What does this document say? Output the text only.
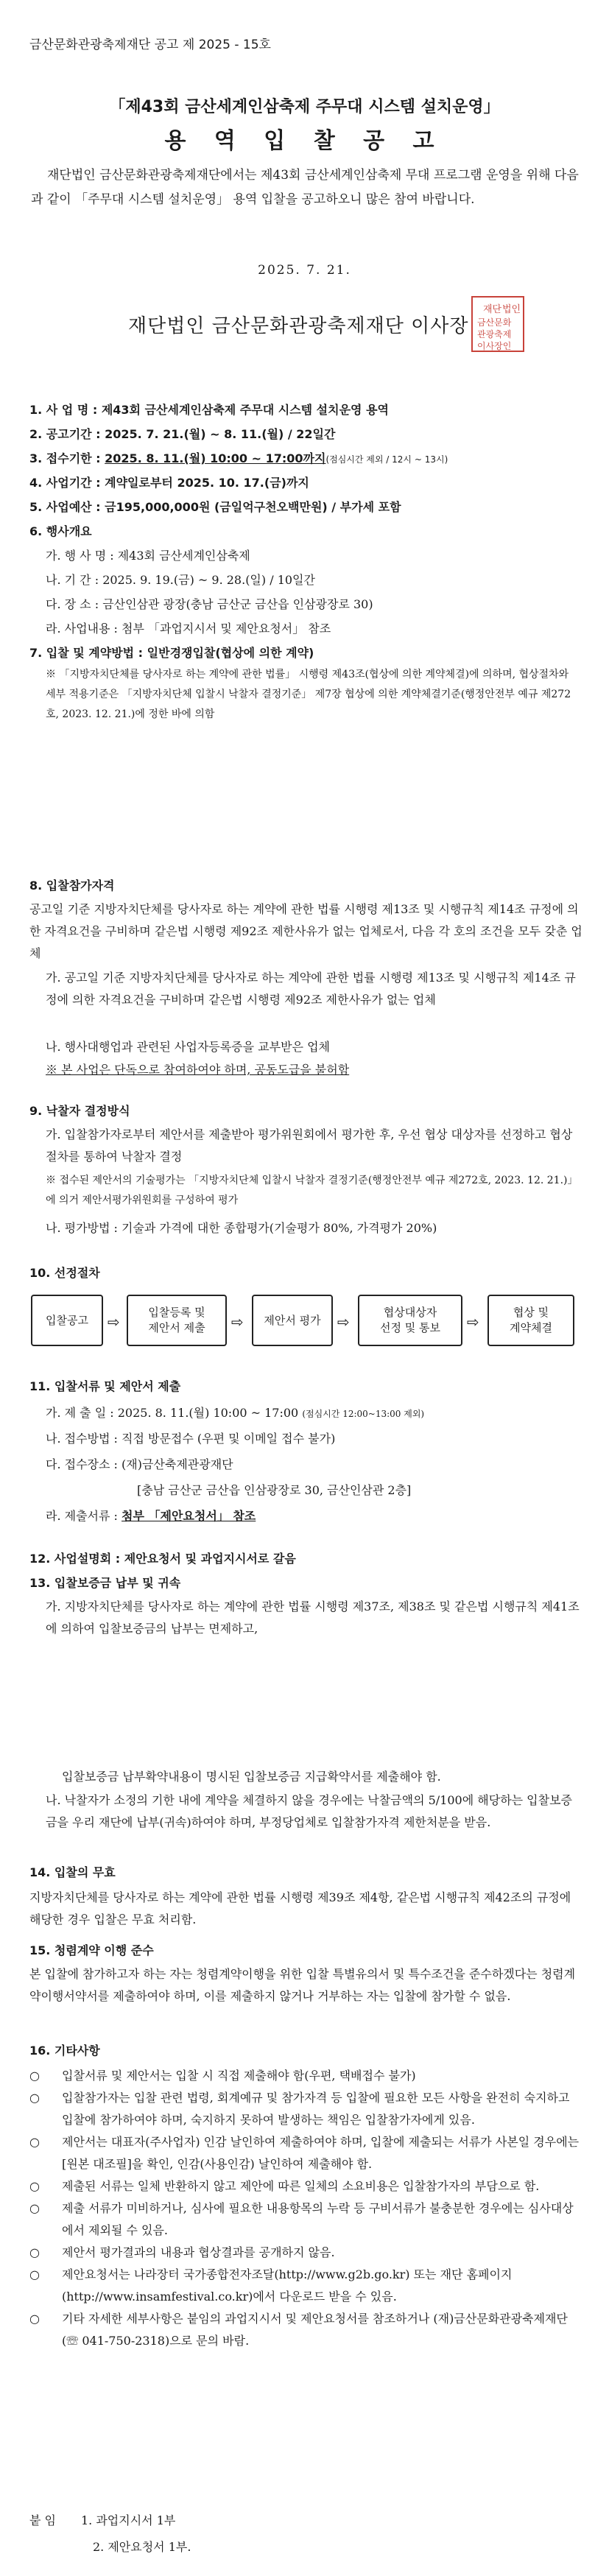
금산문화관광축제재단 공고 제 2025 - 15호
「제43회 금산세계인삼축제 주무대 시스템 설치운영」
용 역 입 찰 공 고
재단법인 금산문화관광축제재단에서는 제43회 금산세계인삼축제 무대 프로그램 운영을 위해 다음과 같이 「주무대 시스템 설치운영」 용역 입찰을 공고하오니 많은 참여 바랍니다.
2025. 7. 21.
재단법인 금산문화관광축제재단 이사장
재단 법인
금산문화
관광축제
이사장인
1. 사 업 명 : 제43회 금산세계인삼축제 주무대 시스템 설치운영 용역
2. 공고기간 : 2025. 7. 21.(월) ~ 8. 11.(월) / 22일간
3. 접수기한 : 2025. 8. 11.(월) 10:00 ~ 17:00까지(점심시간 제외 / 12시 ~ 13시)
4. 사업기간 : 계약일로부터 2025. 10. 17.(금)까지
5. 사업예산 : 금195,000,000원 (금일억구천오백만원) / 부가세 포함
6. 행사개요
가. 행 사 명 : 제43회 금산세계인삼축제
나. 기 간 : 2025. 9. 19.(금) ~ 9. 28.(일) / 10일간
다. 장 소 : 금산인삼관 광장(충남 금산군 금산읍 인삼광장로 30)
라. 사업내용 : 첨부 「과업지시서 및 제안요청서」 참조
7. 입찰 및 계약방법 : 일반경쟁입찰(협상에 의한 계약)
※ 「지방자치단체를 당사자로 하는 계약에 관한 법률」 시행령 제43조(협상에 의한 계약체결)에 의하며, 협상절차와 세부 적용기준은 「지방자치단체 입찰시 낙찰자 결정기준」 제7장 협상에 의한 계약체결기준(행정안전부 예규 제272호, 2023. 12. 21.)에 정한 바에 의함
8. 입찰참가자격
공고일 기준 지방자치단체를 당사자로 하는 계약에 관한 법률 시행령 제13조 및 시행규칙 제14조 규정에 의한 자격요건을 구비하며 같은법 시행령 제92조 제한사유가 없는 업체로서, 다음 각 호의 조건을 모두 갖춘 업체
가. 공고일 기준 지방자치단체를 당사자로 하는 계약에 관한 법률 시행령 제13조 및 시행규칙 제14조 규정에 의한 자격요건을 구비하며 같은법 시행령 제92조 제한사유가 없는 업체
나. 행사대행업과 관련된 사업자등록증을 교부받은 업체
※ 본 사업은 단독으로 참여하여야 하며, 공동도급을 불허함
9. 낙찰자 결정방식
가. 입찰참가자로부터 제안서를 제출받아 평가위원회에서 평가한 후, 우선 협상 대상자를 선정하고 협상절차를 통하여 낙찰자 결정
※ 접수된 제안서의 기술평가는 「지방자치단체 입찰시 낙찰자 결정기준(행정안전부 예규 제272호, 2023. 12. 21.)」에 의거 제안서평가위원회를 구성하여 평가
나. 평가방법 : 기술과 가격에 대한 종합평가(기술평가 80%, 가격평가 20%)
10. 선정절차
입찰공고	⇨
입찰등록 및
제안서 제출	⇨	제안서 평가	⇨
협상대상자
선정 및 통보	⇨
협상 및
계약체결
11. 입찰서류 및 제안서 제출
가. 제 출 일 : 2025. 8. 11.(월) 10:00 ~ 17:00 (점심시간 12:00~13:00 제외)
나. 접수방법 : 직접 방문접수 (우편 및 이메일 접수 불가)
다. 접수장소 : (재)금산축제관광재단
[충남 금산군 금산읍 인삼광장로 30, 금산인삼관 2층]
라. 제출서류 : 첨부 「제안요청서」 참조
12. 사업설명회 : 제안요청서 및 과업지시서로 갈음
13. 입찰보증금 납부 및 귀속
가. 지방자치단체를 당사자로 하는 계약에 관한 법률 시행령 제37조, 제38조 및 같은법 시행규칙 제41조에 의하여 입찰보증금의 납부는 면제하고,
입찰보증금 납부확약내용이 명시된 입찰보증금 지급확약서를 제출해야 함.
나. 낙찰자가 소정의 기한 내에 계약을 체결하지 않을 경우에는 낙찰금액의 5/100에 해당하는 입찰보증금을 우리 재단에 납부(귀속)하여야 하며, 부정당업체로 입찰참가자격 제한처분을 받음.
14. 입찰의 무효
지방자치단체를 당사자로 하는 계약에 관한 법률 시행령 제39조 제4항, 같은법 시행규칙 제42조의 규정에 해당한 경우 입찰은 무효 처리함.
15. 청렴계약 이행 준수
본 입찰에 참가하고자 하는 자는 청렴계약이행을 위한 입찰 특별유의서 및 특수조건을 준수하겠다는 청렴계약이행서약서를 제출하여야 하며, 이를 제출하지 않거나 거부하는 자는 입찰에 참가할 수 없음.
16. 기타사항
○ 입찰서류 및 제안서는 입찰 시 직접 제출해야 함(우편, 택배접수 불가)
○ 입찰참가자는 입찰 관련 법령, 회계예규 및 참가자격 등 입찰에 필요한 모든 사항을 완전히 숙지하고 입찰에 참가하여야 하며, 숙지하지 못하여 발생하는 책임은 입찰참가자에게 있음.
○ 제안서는 대표자(주사업자) 인감 날인하여 제출하여야 하며, 입찰에 제출되는 서류가 사본일 경우에는 [원본 대조필]을 확인, 인감(사용인감) 날인하여 제출해야 함.
○ 제출된 서류는 일체 반환하지 않고 제안에 따른 일체의 소요비용은 입찰참가자의 부담으로 함.
○ 제출 서류가 미비하거나, 심사에 필요한 내용항목의 누락 등 구비서류가 불충분한 경우에는 심사대상에서 제외될 수 있음.
○ 제안서 평가결과의 내용과 협상결과를 공개하지 않음.
○ 제안요청서는 나라장터 국가종합전자조달(http://www.g2b.go.kr) 또는 재단 홈페이지(http://www.insamfestival.co.kr)에서 다운로드 받을 수 있음.
○ 기타 자세한 세부사항은 붙임의 과업지시서 및 제안요청서를 참조하거나 (재)금산문화관광축제재단(☏ 041-750-2318)으로 문의 바람.
붙 임	1. 과업지시서 1부
2. 제안요청서 1부.
